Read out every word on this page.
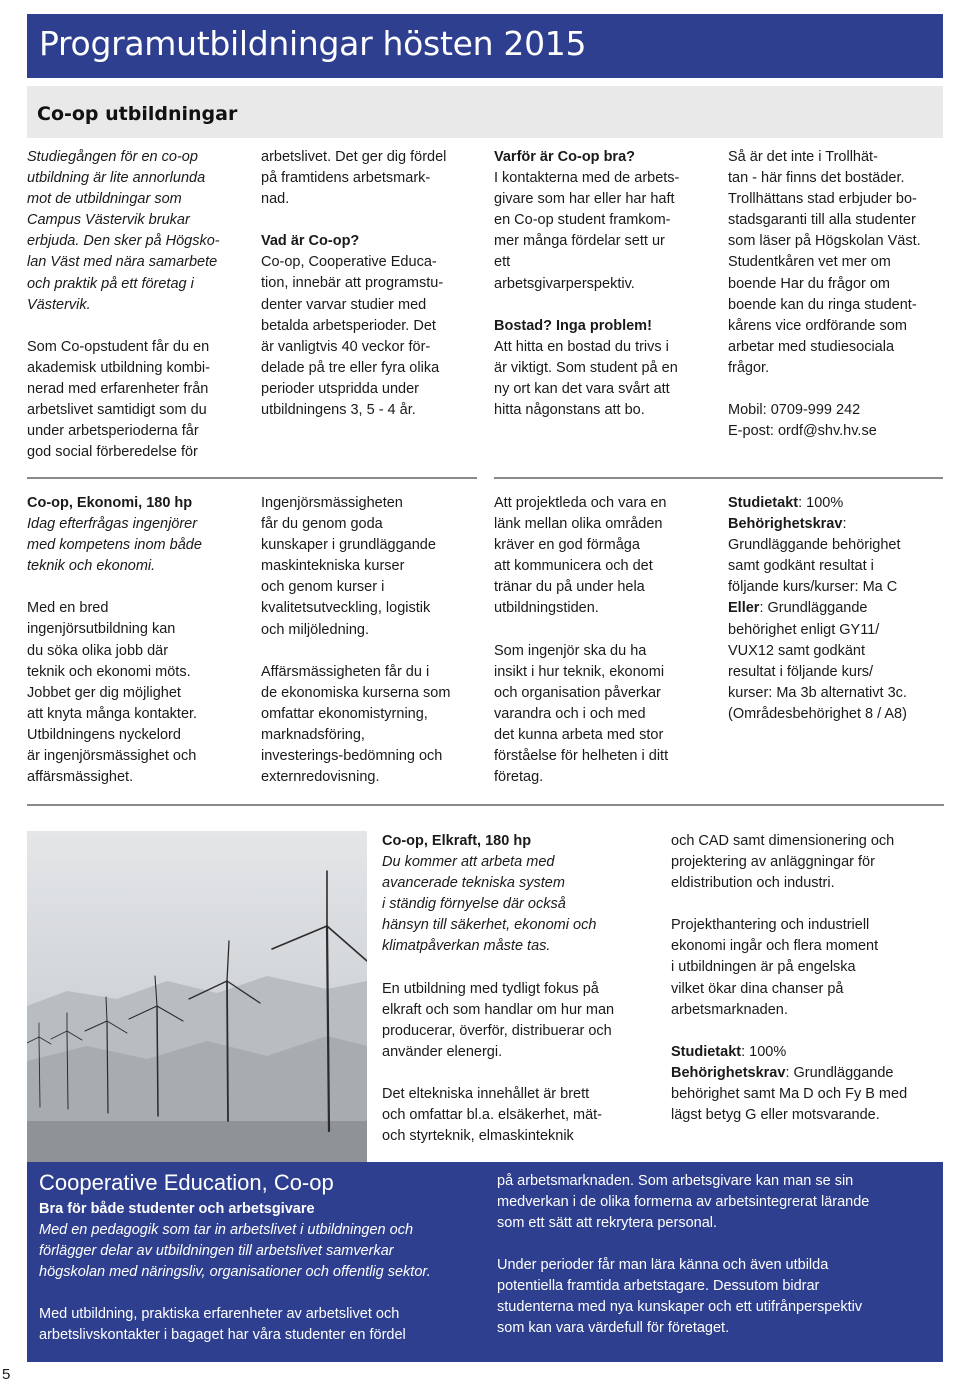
Programutbildningar hösten 2015
Co-op utbildningar
Studiegången för en co-op
utbildning är lite annorlunda
mot de utbildningar som
Campus Västervik brukar
erbjuda. Den sker på Högsko-
lan Väst med nära samarbete
och praktik på ett företag i
Västervik.
Som Co-opstudent får du en
akademisk utbildning kombi-
nerad med erfarenheter från
arbetslivet samtidigt som du
under arbetsperioderna får
god social förberedelse för
arbetslivet. Det ger dig fördel
på framtidens arbetsmark-
nad.
Vad är Co-op?
Co-op, Cooperative Educa-
tion, innebär att programstu-
denter varvar studier med
betalda arbetsperioder. Det
är vanligtvis 40 veckor för-
delade på tre eller fyra olika
perioder utspridda under
utbildningens 3, 5 - 4 år.
Varför är Co-op bra?
I kontakterna med de arbets-
givare som har eller har haft
en Co-op student framkom-
mer många fördelar sett ur
ett
arbetsgivarperspektiv.
Bostad? Inga problem!
Att hitta en bostad du trivs i
är viktigt. Som student på en
ny ort kan det vara svårt att
hitta någonstans att bo.
Så är det inte i Trollhät-
tan - här finns det bostäder.
Trollhättans stad erbjuder bo-
stadsgaranti till alla studenter
som läser på Högskolan Väst.
Studentkåren vet mer om
boende Har du frågor om
boende kan du ringa student-
kårens vice ordförande som
arbetar med studiesociala
frågor.
Mobil: 0709-999 242
E-post: ordf@shv.hv.se
Co-op, Ekonomi, 180 hp
Idag efterfrågas ingenjörer
med kompetens inom både
teknik och ekonomi.
Med en bred
ingenjörsutbildning kan
du söka olika jobb där
teknik och ekonomi möts.
Jobbet ger dig möjlighet
att knyta många kontakter.
Utbildningens nyckelord
är ingenjörsmässighet och
affärsmässighet.
Ingenjörsmässigheten
får du genom goda
kunskaper i grundläggande
maskintekniska kurser
och genom kurser i
kvalitetsutveckling, logistik
och miljöledning.
Affärsmässigheten får du i
de ekonomiska kurserna som
omfattar ekonomistyrning,
marknadsföring,
investerings-bedömning och
externredovisning.
Att projektleda och vara en
länk mellan olika områden
kräver en god förmåga
att kommunicera och det
tränar du på under hela
utbildningstiden.
Som ingenjör ska du ha
insikt i hur teknik, ekonomi
och organisation påverkar
varandra och i och med
det kunna arbeta med stor
förståelse för helheten i ditt
företag.
Studietakt: 100%
Behörighetskrav:
Grundläggande behörighet
samt godkänt resultat i
följande kurs/kurser: Ma C
Eller: Grundläggande
behörighet enligt GY11/
VUX12 samt godkänt
resultat i följande kurs/
kurser: Ma 3b alternativt 3c.
(Områdesbehörighet 8 / A8)
Co-op, Elkraft, 180 hp
Du kommer att arbeta med
avancerade tekniska system
i ständig förnyelse där också
hänsyn till säkerhet, ekonomi och
klimatpåverkan måste tas.
En utbildning med tydligt fokus på
elkraft och som handlar om hur man
producerar, överför, distribuerar och
använder elenergi.
Det eltekniska innehållet är brett
och omfattar bl.a. elsäkerhet, mät-
och styrteknik, elmaskinteknik
och CAD samt dimensionering och
projektering av anläggningar för
eldistribution och industri.
Projekthantering och industriell
ekonomi ingår och flera moment
i utbildningen är på engelska
vilket ökar dina chanser på
arbetsmarknaden.
Studietakt: 100%
Behörighetskrav: Grundläggande
behörighet samt Ma D och Fy B med
lägst betyg G eller motsvarande.
Cooperative Education, Co-op
Bra för både studenter och arbetsgivare
Med en pedagogik som tar in arbetslivet i utbildningen och
förlägger delar av utbildningen till arbetslivet samverkar
högskolan med näringsliv, organisationer och offentlig sektor.
Med utbildning, praktiska erfarenheter av arbetslivet och
arbetslivskontakter i bagaget har våra studenter en fördel
på arbetsmarknaden. Som arbetsgivare kan man se sin
medverkan i de olika formerna av arbetsintegrerat lärande
som ett sätt att rekrytera personal.
Under perioder får man lära känna och även utbilda
potentiella framtida arbetstagare. Dessutom bidrar
studenterna med nya kunskaper och ett utifrånperspektiv
som kan vara värdefull för företaget.
5
